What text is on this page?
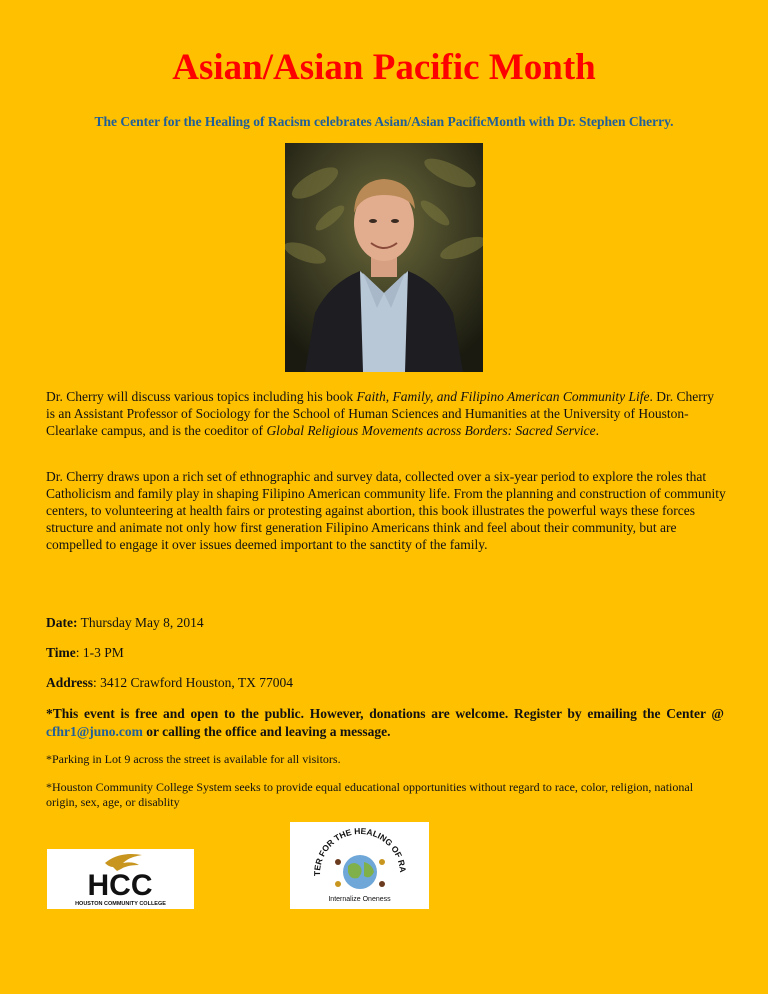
Asian/Asian Pacific Month
The Center for the Healing of Racism celebrates Asian/Asian PacificMonth with Dr. Stephen Cherry.

Dr. Cherry will discuss various topics including his book Faith, Family, and Filipino American Community Life. Dr. Cherry is an Assistant Professor of Sociology for the School of Human Sciences and Humanities at the University of Houston- Clearlake campus, and is the coeditor of Global Religious Movements across Borders: Sacred Service.

Dr. Cherry draws upon a rich set of ethnographic and survey data, collected over a six-year period to explore the roles that Catholicism and family play in shaping Filipino American community life. From the planning and construction of community centers, to volunteering at health fairs or protesting against abortion, this book illustrates the powerful ways these forces structure and animate not only how first generation Filipino Americans think and feel about their community, but are compelled to engage it over issues deemed important to the sanctity of the family.

Date: Thursday May 8, 2014
Time: 1-3 PM
Address: 3412 Crawford Houston, TX 77004
*This event is free and open to the public. However, donations are welcome. Register by emailing the Center @ cfhr1@juno.com or calling the office and leaving a message.
*Parking in Lot 9 across the street is available for all visitors.
*Houston Community College System seeks to provide equal educational opportunities without regard to race, color, religion, national origin, sex, age, or disablity
HCC
HOUSTON COMMUNITY COLLEGE
TER FOR THE HEALING OF RA
Internalize Oneness
